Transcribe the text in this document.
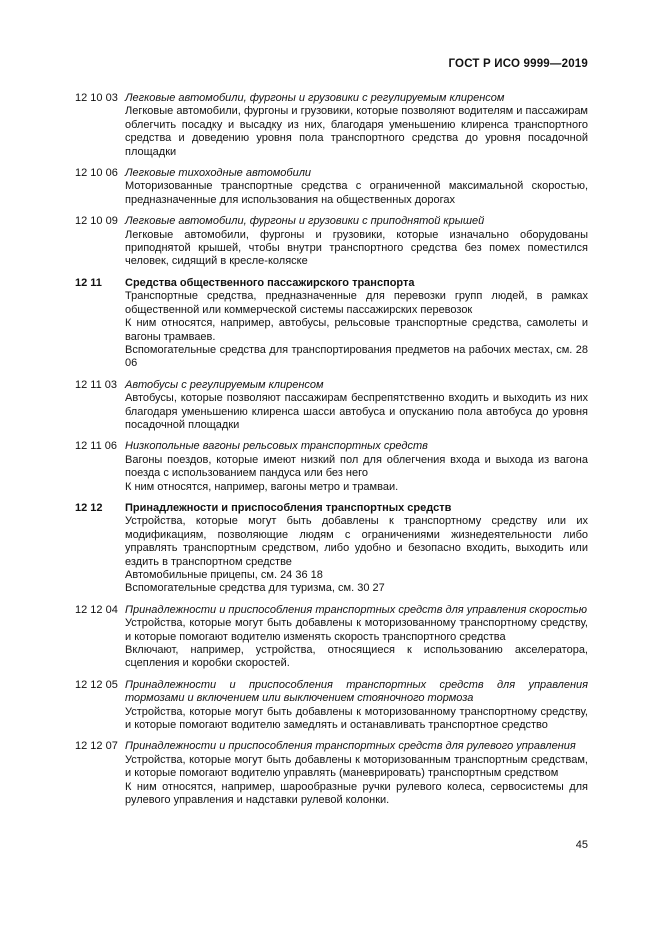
ГОСТ Р ИСО 9999—2019
12 10 03 Легковые автомобили, фургоны и грузовики с регулируемым клиренсом

Легковые автомобили, фургоны и грузовики, которые позволяют водителям и пассажирам облегчить посадку и высадку из них, благодаря уменьшению клиренса транспортного средства и доведению уровня пола транспортного средства до уровня посадочной площадки

12 10 06 Легковые тихоходные автомобили

Моторизованные транспортные средства с ограниченной максимальной скоростью, предназначенные для использования на общественных дорогах

12 10 09 Легковые автомобили, фургоны и грузовики с приподнятой крышей

Легковые автомобили, фургоны и грузовики, которые изначально оборудованы приподнятой крышей, чтобы внутри транспортного средства без помех поместился человек, сидящий в кресле-коляске

12 11	Средства общественного пассажирского транспорта

Транспортные средства, предназначенные для перевозки групп людей, в рамках общественной или коммерческой системы пассажирских перевозок

К ним относятся, например, автобусы, рельсовые транспортные средства, самолеты и вагоны трамваев.

Вспомогательные средства для транспортирования предметов на рабочих местах, см. 28 06

12 11 03 Автобусы с регулируемым клиренсом

Автобусы, которые позволяют пассажирам беспрепятственно входить и выходить из них благодаря уменьшению клиренса шасси автобуса и опусканию пола автобуса до уровня посадочной площадки

12 11 06 Низкопольные вагоны рельсовых транспортных средств

Вагоны поездов, которые имеют низкий пол для облегчения входа и выхода из вагона поезда с использованием пандуса или без него

К ним относятся, например, вагоны метро и трамваи.

12 12	Принадлежности и приспособления транспортных средств

Устройства, которые могут быть добавлены к транспортному средству или их модификациям, позволяющие людям с ограничениями жизнедеятельности либо управлять транспортным средством, либо удобно и безопасно входить, выходить или ездить в транспортном средстве

Автомобильные прицепы, см. 24 36 18

Вспомогательные средства для туризма, см. 30 27

12 12 04 Принадлежности и приспособления транспортных средств для управления скоростью

Устройства, которые могут быть добавлены к моторизованному транспортному средству, и которые помогают водителю изменять скорость транспортного средства

Включают, например, устройства, относящиеся к использованию акселератора, сцепления и коробки скоростей.

12 12 05 Принадлежности и приспособления транспортных средств для управления тормозами и включением или выключением стояночного тормоза

Устройства, которые могут быть добавлены к моторизованному транспортному средству, и которые помогают водителю замедлять и останавливать транспортное средство

12 12 07 Принадлежности и приспособления транспортных средств для рулевого управления

Устройства, которые могут быть добавлены к моторизованным транспортным средствам, и которые помогают водителю управлять (маневрировать) транспортным средством

К ним относятся, например, шарообразные ручки рулевого колеса, сервосистемы для рулевого управления и надставки рулевой колонки.

45
